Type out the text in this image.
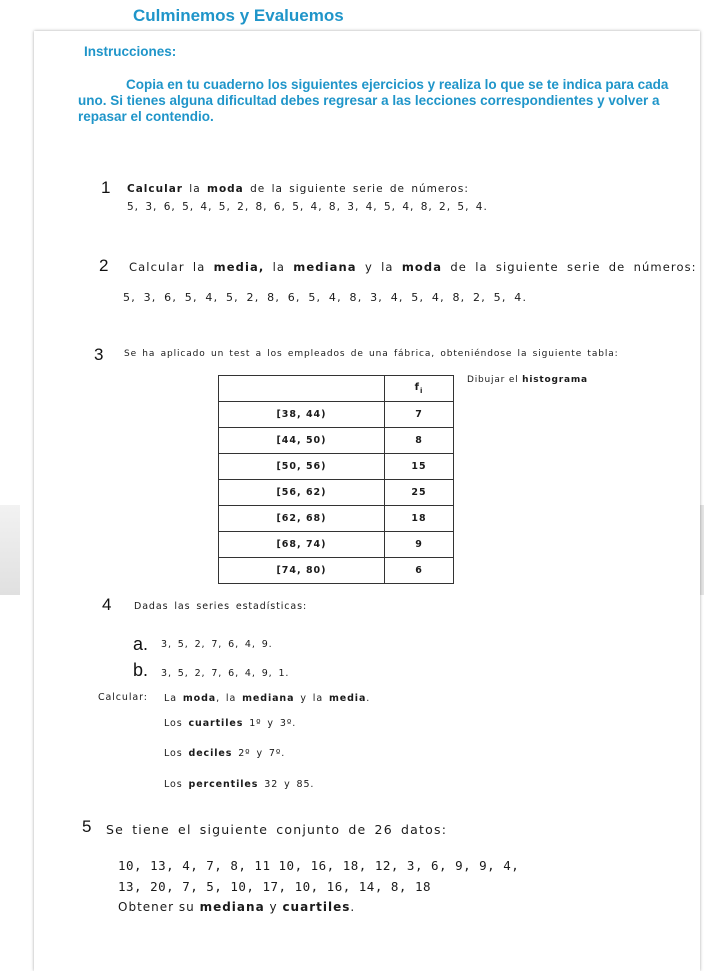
Culminemos y Evaluemos
Instrucciones:

Copia en tu cuaderno los siguientes ejercicios y realiza lo que se te indica para cada uno. Si tienes alguna dificultad debes regresar a las lecciones correspondientes y volver a repasar el contendio.

1 Calcular la moda de la siguiente serie de números:
5, 3, 6, 5, 4, 5, 2, 8, 6, 5, 4, 8, 3, 4, 5, 4, 8, 2, 5, 4.
2 Calcular la media, la mediana y la moda de la siguiente serie de números:
5, 3, 6, 5, 4, 5, 2, 8, 6, 5, 4, 8, 3, 4, 5, 4, 8, 2, 5, 4.
3 Se ha aplicado un test a los empleados de una fábrica, obteniéndose la siguiente tabla:
Dibujar el histograma
	$f_i$
[38, 44)	7
[44, 50)	8
[50, 56)	15
[56, 62)	25
[62, 68)	18
[68, 74)	9
[74, 80)	6
4 Dadas las series estadísticas:
a. 3, 5, 2, 7, 6, 4, 9.
b. 3, 5, 2, 7, 6, 4, 9, 1.
Calcular: La moda, la mediana y la media.
Los cuartiles 1º y 3º.
Los deciles 2º y 7º.
Los percentiles 32 y 85.
5 Se tiene el siguiente conjunto de 26 datos:
10, 13, 4, 7, 8, 11 10, 16, 18, 12, 3, 6, 9, 9, 4,
13, 20, 7, 5, 10, 17, 10, 16, 14, 8, 18
Obtener su mediana y cuartiles.
